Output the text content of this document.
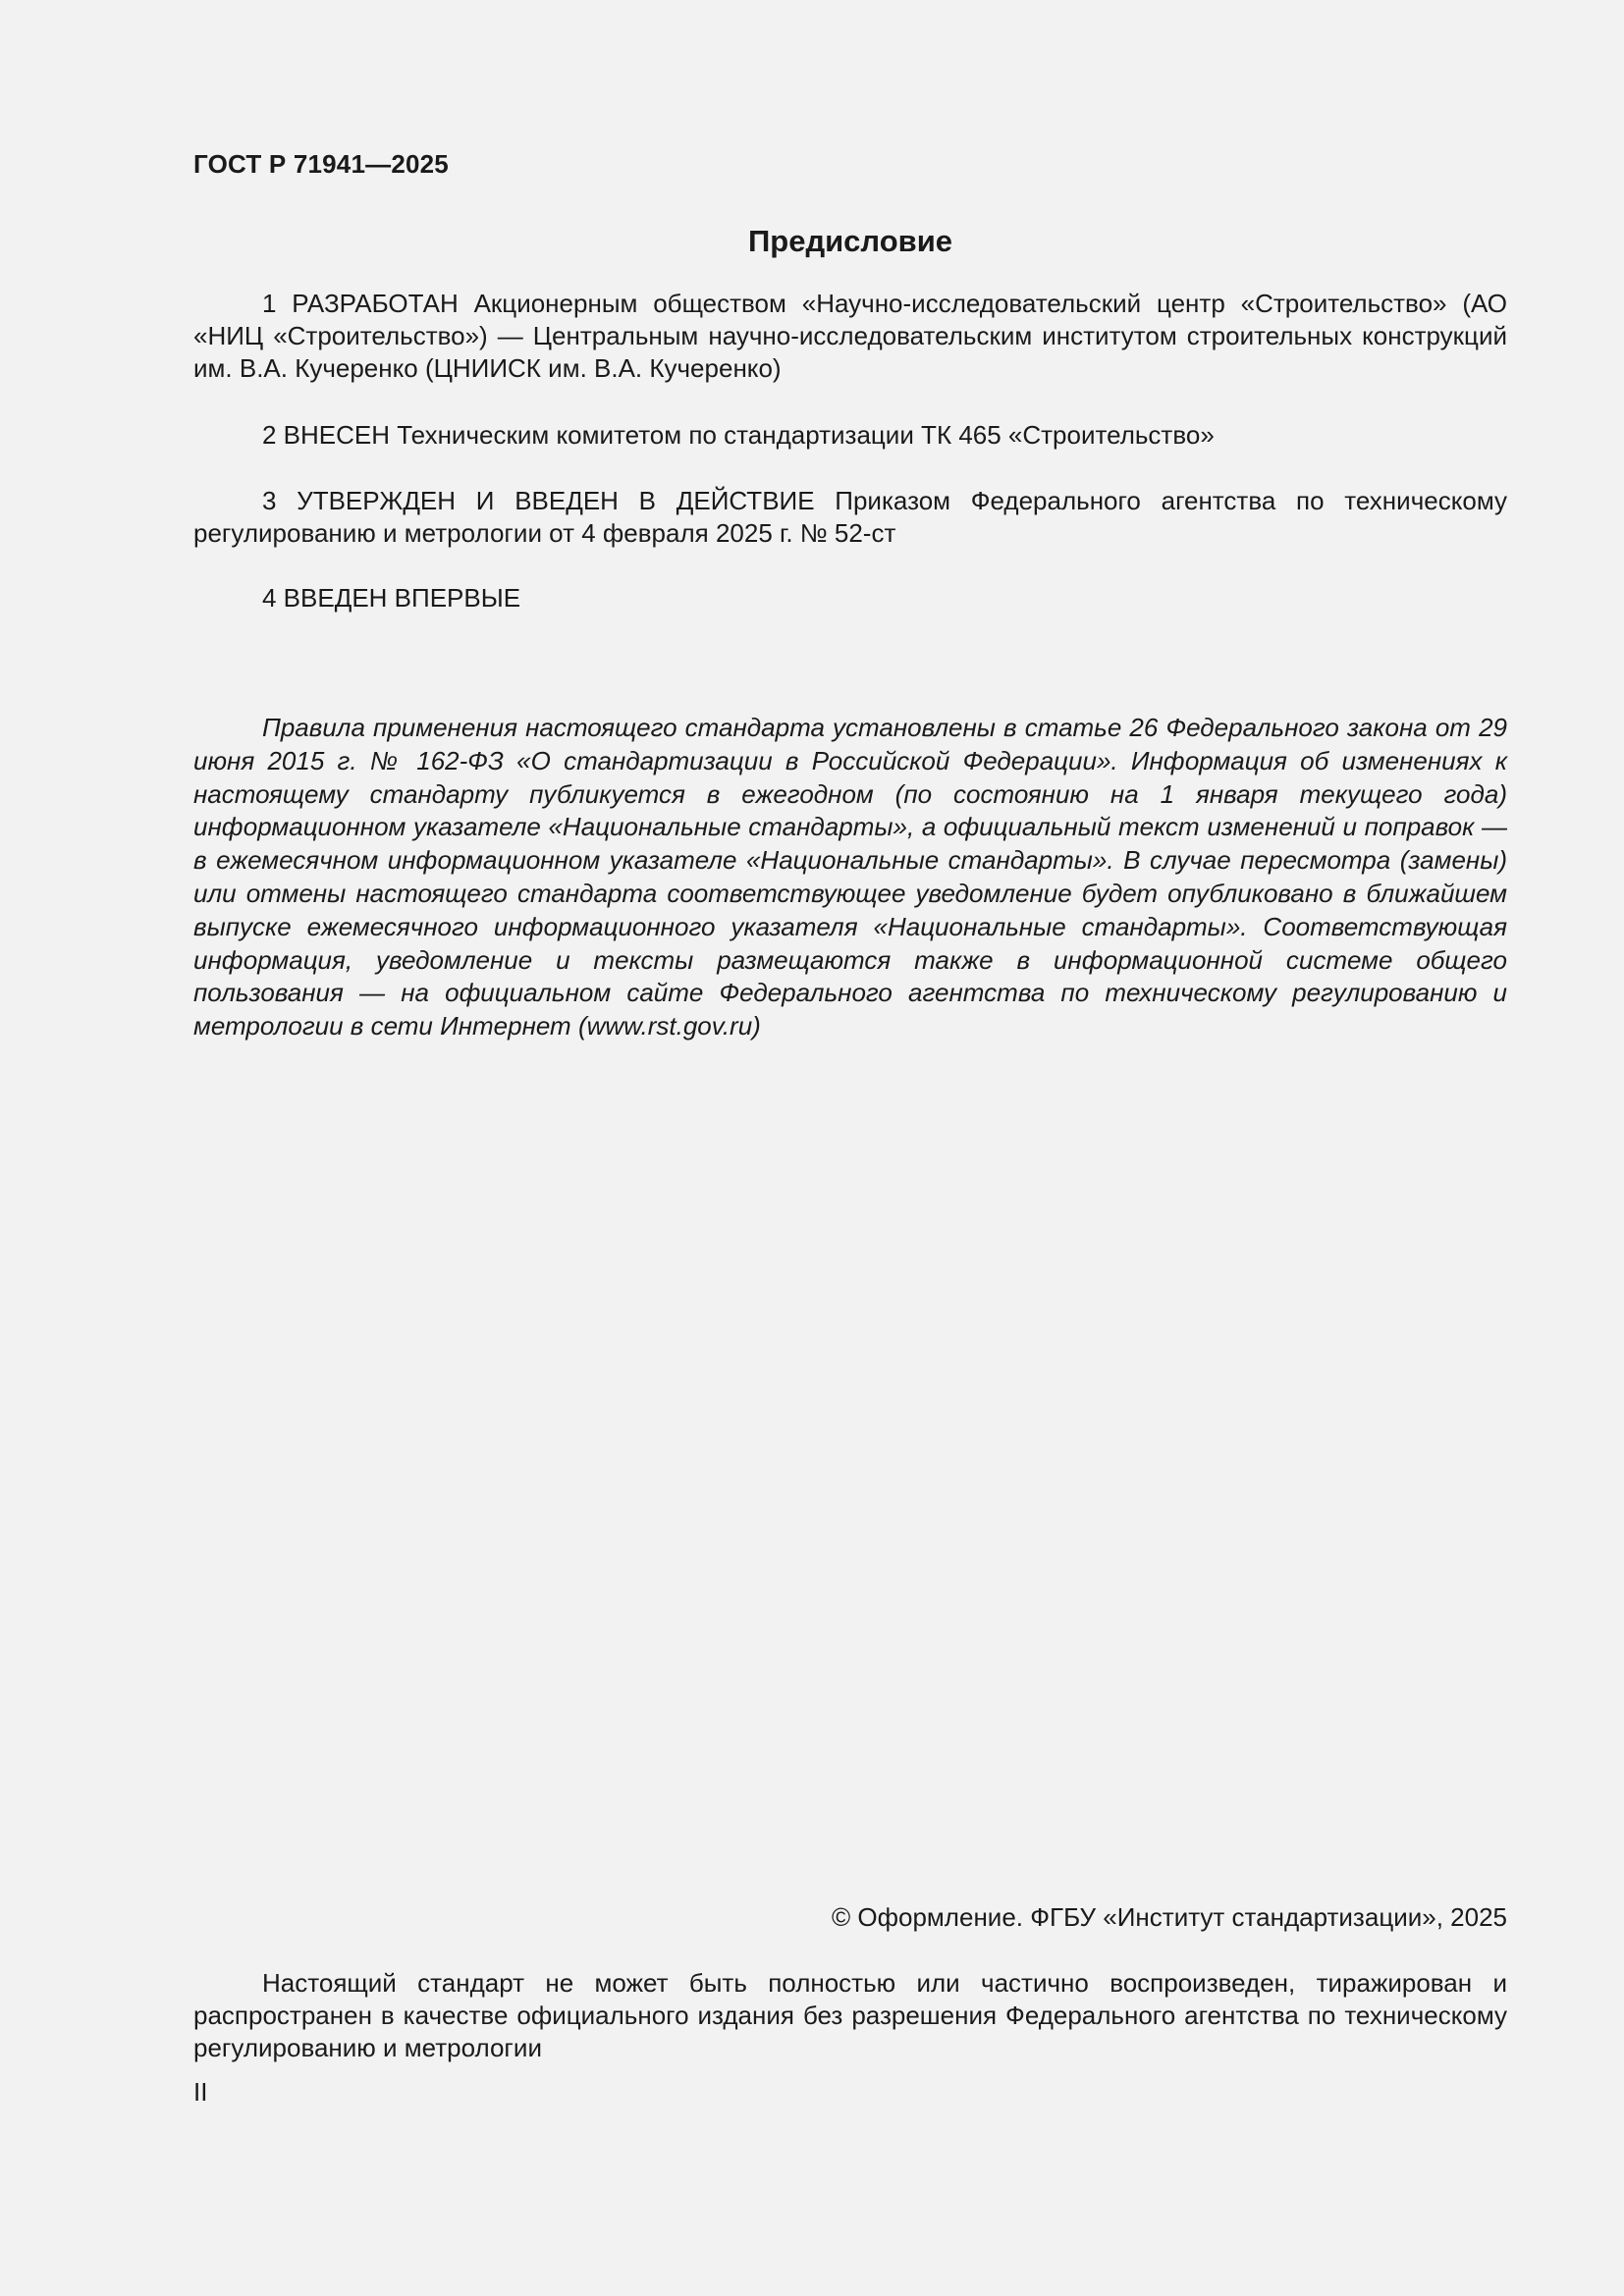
ГОСТ Р 71941—2025
Предисловие

1 РАЗРАБОТАН Акционерным обществом «Научно-исследовательский центр «Строительство» (АО «НИЦ «Строительство») — Центральным научно-исследовательским институтом строительных конструкций им. В.А. Кучеренко (ЦНИИСК им. В.А. Кучеренко)

2 ВНЕСЕН Техническим комитетом по стандартизации ТК 465 «Строительство»

3 УТВЕРЖДЕН И ВВЕДЕН В ДЕЙСТВИЕ Приказом Федерального агентства по техническому регулированию и метрологии от 4 февраля 2025 г. № 52-ст

4 ВВЕДЕН ВПЕРВЫЕ

Правила применения настоящего стандарта установлены в статье 26 Федерального закона от 29 июня 2015 г. № 162-ФЗ «О стандартизации в Российской Федерации». Информация об изменениях к настоящему стандарту публикуется в ежегодном (по состоянию на 1 января текущего года) информационном указателе «Национальные стандарты», а официальный текст изменений и поправок — в ежемесячном информационном указателе «Национальные стандарты». В случае пересмотра (замены) или отмены настоящего стандарта соответствующее уведомление будет опубликовано в ближайшем выпуске ежемесячного информационного указателя «Национальные стандарты». Соответствующая информация, уведомление и тексты размещаются также в информационной системе общего пользования — на официальном сайте Федерального агентства по техническому регулированию и метрологии в сети Интернет (www.rst.gov.ru)

© Оформление. ФГБУ «Институт стандартизации», 2025

Настоящий стандарт не может быть полностью или частично воспроизведен, тиражирован и распространен в качестве официального издания без разрешения Федерального агентства по техническому регулированию и метрологии

II
